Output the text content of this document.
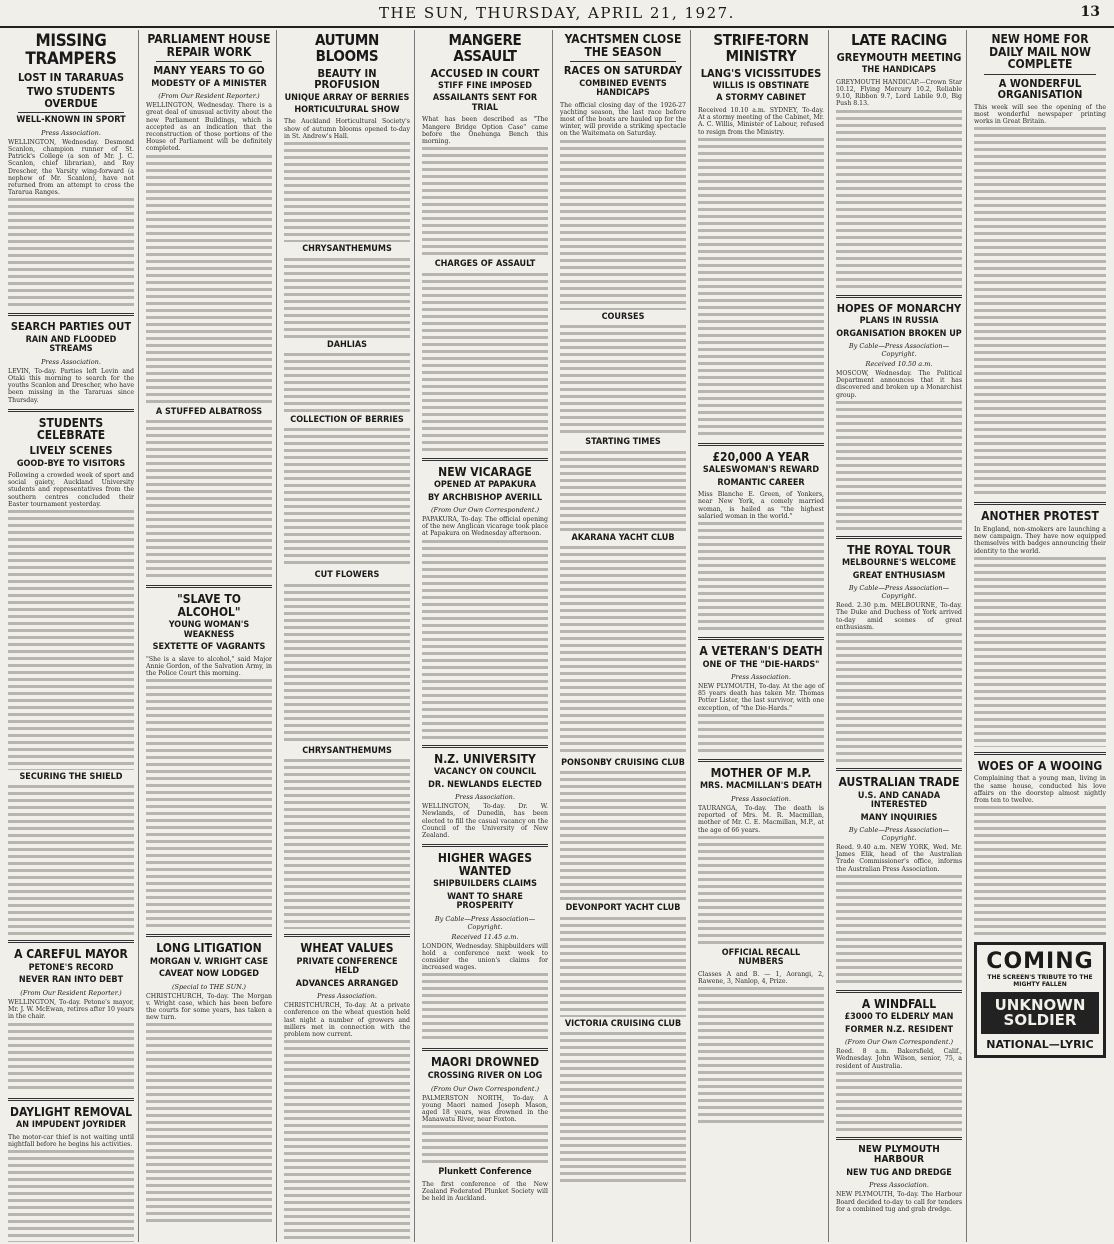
THE SUN, THURSDAY, APRIL 21, 1927.	13
MISSING TRAMPERS
LOST IN TARARUAS
TWO STUDENTS OVERDUE
WELL-KNOWN IN SPORT
Press Association.
WELLINGTON, Wednesday. Desmond Scanlon, champion runner of St. Patrick's College (a son of Mr. J. C. Scanlon, chief librarian), and Roy Drescher, the Varsity wing-forward (a nephew of Mr. Scanlon), have not returned from an attempt to cross the Tararua Ranges.
SEARCH PARTIES OUT
RAIN AND FLOODED STREAMS
Press Association.
LEVIN, To-day. Parties left Levin and Otaki this morning to search for the youths Scanlon and Drescher, who have been missing in the Tararuas since Thursday.
STUDENTS CELEBRATE
LIVELY SCENES
GOOD-BYE TO VISITORS
Following a crowded week of sport and social gaiety, Auckland University students and representatives from the southern centres concluded their Easter tournament yesterday.
SECURING THE SHIELD
A CAREFUL MAYOR
PETONE'S RECORD
NEVER RAN INTO DEBT
(From Our Resident Reporter.)
WELLINGTON, To-day. Petone's mayor, Mr. J. W. McEwan, retires after 10 years in the chair.
DAYLIGHT REMOVAL
AN IMPUDENT JOYRIDER
The motor-car thief is not waiting until nightfall before he begins his activities.
PARLIAMENT HOUSE REPAIR WORK
MANY YEARS TO GO
MODESTY OF A MINISTER
(From Our Resident Reporter.)
WELLINGTON, Wednesday. There is a great deal of unusual activity about the new Parliament Buildings, which is accepted as an indication that the reconstruction of those portions of the House of Parliament will be definitely completed.
A STUFFED ALBATROSS
"SLAVE TO ALCOHOL"
YOUNG WOMAN'S WEAKNESS
SEXTETTE OF VAGRANTS
"She is a slave to alcohol," said Major Annie Gordon, of the Salvation Army, in the Police Court this morning.
LONG LITIGATION
MORGAN V. WRIGHT CASE
CAVEAT NOW LODGED
(Special to THE SUN.)
CHRISTCHURCH, To-day. The Morgan v. Wright case, which has been before the courts for some years, has taken a new turn.
AUTUMN BLOOMS
BEAUTY IN PROFUSION
UNIQUE ARRAY OF BERRIES
HORTICULTURAL SHOW
The Auckland Horticultural Society's show of autumn blooms opened to-day in St. Andrew's Hall.
CHRYSANTHEMUMS
DAHLIAS
COLLECTION OF BERRIES
CUT FLOWERS
CHRYSANTHEMUMS
WHEAT VALUES
PRIVATE CONFERENCE HELD
ADVANCES ARRANGED
Press Association.
CHRISTCHURCH, To-day. At a private conference on the wheat question held last night a number of growers and millers met in connection with the problem now current.
MANGERE ASSAULT
ACCUSED IN COURT
STIFF FINE IMPOSED
ASSAILANTS SENT FOR TRIAL
What has been described as "The Mangere Bridge Option Case" came before the Onehunga Bench this morning.
CHARGES OF ASSAULT
NEW VICARAGE
OPENED AT PAPAKURA
BY ARCHBISHOP AVERILL
(From Our Own Correspondent.)
PAPAKURA, To-day. The official opening of the new Anglican vicarage took place at Papakura on Wednesday afternoon.
N.Z. UNIVERSITY
VACANCY ON COUNCIL
DR. NEWLANDS ELECTED
Press Association.
WELLINGTON, To-day. Dr. W. Newlands, of Dunedin, has been elected to fill the casual vacancy on the Council of the University of New Zealand.
HIGHER WAGES WANTED
SHIPBUILDERS CLAIMS
WANT TO SHARE PROSPERITY
By Cable—Press Association—Copyright.
Received 11.45 a.m.
LONDON, Wednesday. Shipbuilders will hold a conference next week to consider the union's claims for increased wages.
MAORI DROWNED
CROSSING RIVER ON LOG
(From Our Own Correspondent.)
PALMERSTON NORTH, To-day. A young Maori named Joseph Mason, aged 18 years, was drowned in the Manawatu River, near Foxton.
Plunkett Conference
The first conference of the New Zealand Federated Plunket Society will be held in Auckland.
YACHTSMEN CLOSE THE SEASON
RACES ON SATURDAY
COMBINED EVENTS HANDICAPS
The official closing day of the 1926-27 yachting season, the last race before most of the boats are hauled up for the winter, will provide a striking spectacle on the Waitemata on Saturday.
COURSES
STARTING TIMES
AKARANA YACHT CLUB
PONSONBY CRUISING CLUB
DEVONPORT YACHT CLUB
VICTORIA CRUISING CLUB
STRIFE-TORN MINISTRY
LANG'S VICISSITUDES
WILLIS IS OBSTINATE
A STORMY CABINET
Received 10.10 a.m. SYDNEY, To-day. At a stormy meeting of the Cabinet, Mr. A. C. Willis, Minister of Labour, refused to resign from the Ministry.
£20,000 A YEAR
SALESWOMAN'S REWARD
ROMANTIC CAREER
Miss Blanche E. Green, of Yonkers, near New York, a comely married woman, is hailed as "the highest salaried woman in the world."
A VETERAN'S DEATH
ONE OF THE "DIE-HARDS"
Press Association.
NEW PLYMOUTH, To-day. At the age of 85 years death has taken Mr. Thomas Potter Lister, the last survivor, with one exception, of "the Die-Hards."
MOTHER OF M.P.
MRS. MACMILLAN'S DEATH
Press Association.
TAURANGA, To-day. The death is reported of Mrs. M. R. Macmillan, mother of Mr. C. E. Macmillan, M.P., at the age of 66 years.
OFFICIAL RECALL NUMBERS
Classes A and B. — 1, Aorangi, 2, Rawene, 3, Nanlop, 4, Prize.
LATE RACING
GREYMOUTH MEETING
THE HANDICAPS
GREYMOUTH HANDICAP.—Crown Star 10.12, Flying Mercury 10.2, Reliable 9.10, Ribbon 9.7, Lord Labile 9.0, Big Push 8.13.
HOPES OF MONARCHY
PLANS IN RUSSIA
ORGANISATION BROKEN UP
By Cable—Press Association—Copyright.
Received 10.50 a.m.
MOSCOW, Wednesday. The Political Department announces that it has discovered and broken up a Monarchist group.
THE ROYAL TOUR
MELBOURNE'S WELCOME
GREAT ENTHUSIASM
By Cable—Press Association—Copyright.
Reed. 2.30 p.m. MELBOURNE, To-day. The Duke and Duchess of York arrived to-day amid scenes of great enthusiasm.
AUSTRALIAN TRADE
U.S. AND CANADA INTERESTED
MANY INQUIRIES
By Cable—Press Association—Copyright.
Reed. 9.40 a.m. NEW YORK, Wed. Mr. James Elik, head of the Australian Trade Commissioner's office, informs the Australian Press Association.
A WINDFALL
£3000 TO ELDERLY MAN
FORMER N.Z. RESIDENT
(From Our Own Correspondent.)
Reed. 8 a.m. Bakersfield, Calif., Wednesday. John Wilson, senior, 75, a resident of Australia.
NEW PLYMOUTH HARBOUR
NEW TUG AND DREDGE
Press Association.
NEW PLYMOUTH, To-day. The Harbour Board decided to-day to call for tenders for a combined tug and grab dredge.
NEW HOME FOR DAILY MAIL NOW COMPLETE
A WONDERFUL ORGANISATION
This week will see the opening of the most wonderful newspaper printing works in Great Britain.
ANOTHER PROTEST
In England, non-smokers are launching a new campaign. They have now equipped themselves with badges announcing their identity to the world.
WOES OF A WOOING
Complaining that a young man, living in the same house, conducted his love affairs on the doorstep almost nightly from ten to twelve.
COMING
THE SCREEN'S TRIBUTE TO THE MIGHTY FALLEN
UNKNOWN SOLDIER
NATIONAL—LYRIC
